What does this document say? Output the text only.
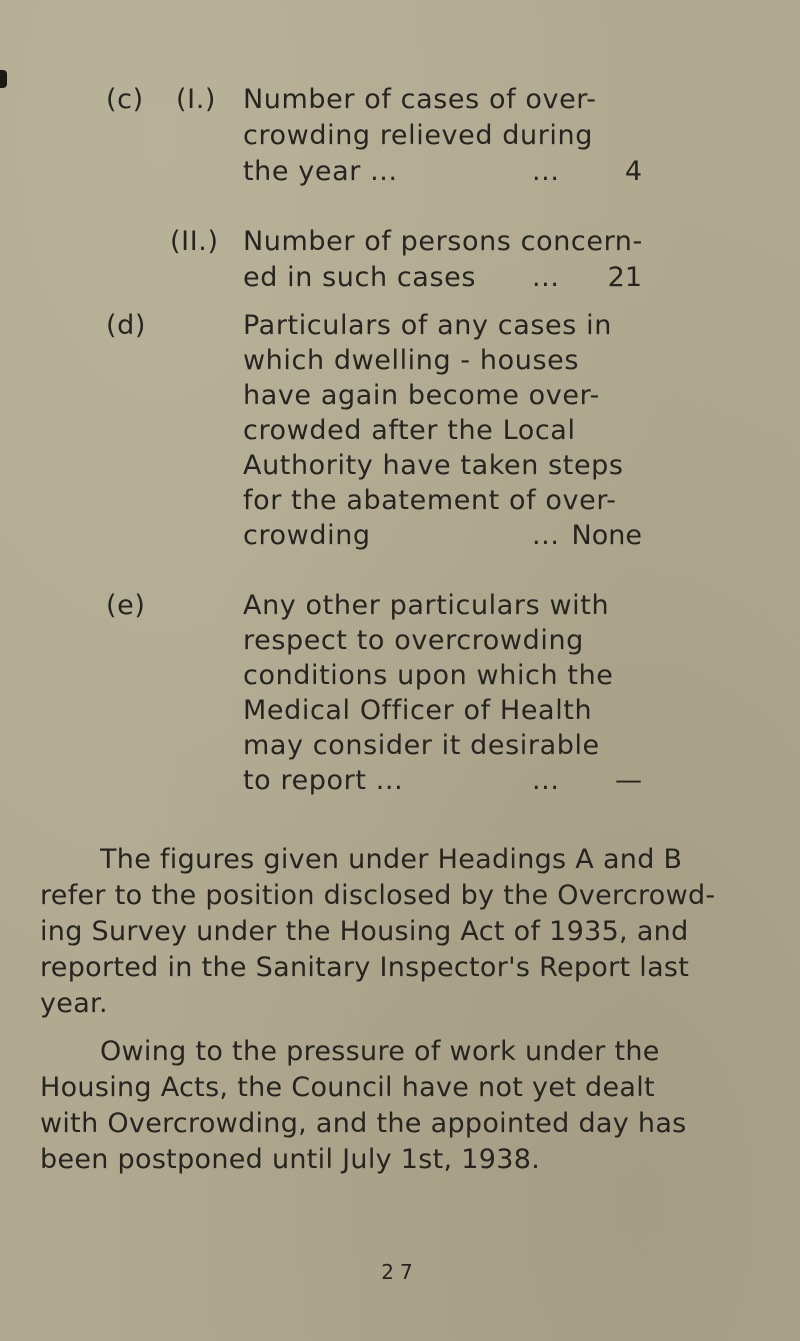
(c) (I.) Number of cases of over-
crowding relieved during
the year ...	...	4
(II.) Number of persons concern-
ed in such cases ...	21
(d)	Particulars of any cases in
which dwelling - houses
have again become over-
crowded after the Local
Authority have taken steps
for the abatement of over-
crowding	... None
(e)	Any other particulars with
respect to overcrowding
conditions upon which the
Medical Officer of Health
may consider it desirable
to report ...	...	—
The figures given under Headings A and B
refer to the position disclosed by the Overcrowd-
ing Survey under the Housing Act of 1935, and
reported in the Sanitary Inspector's Report last
year.
Owing to the pressure of work under the
Housing Acts, the Council have not yet dealt
with Overcrowding, and the appointed day has
been postponed until July 1st, 1938.
27
